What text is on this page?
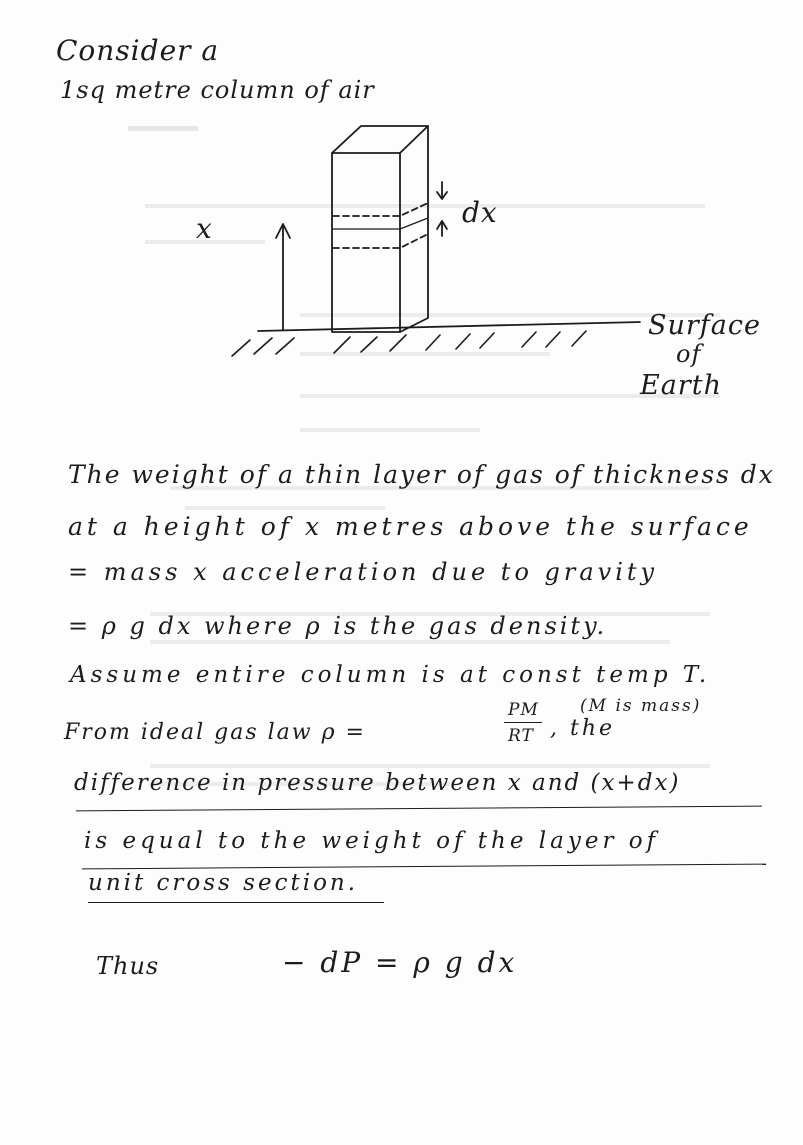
Consider a
1sq metre column of air
x	dx
Surface
of
Earth
The weight of a thin layer of gas of thickness dx
at a height of x metres above the surface
= mass x acceleration due to gravity
= ρ g dx where ρ is the gas density.
Assume entire column is at const temp T.
(M is mass)
From ideal gas law ρ =
PM
RT , the
difference in pressure between x and (x+dx)
is equal to the weight of the layer of
unit cross section.
Thus	− dP = ρ g dx
